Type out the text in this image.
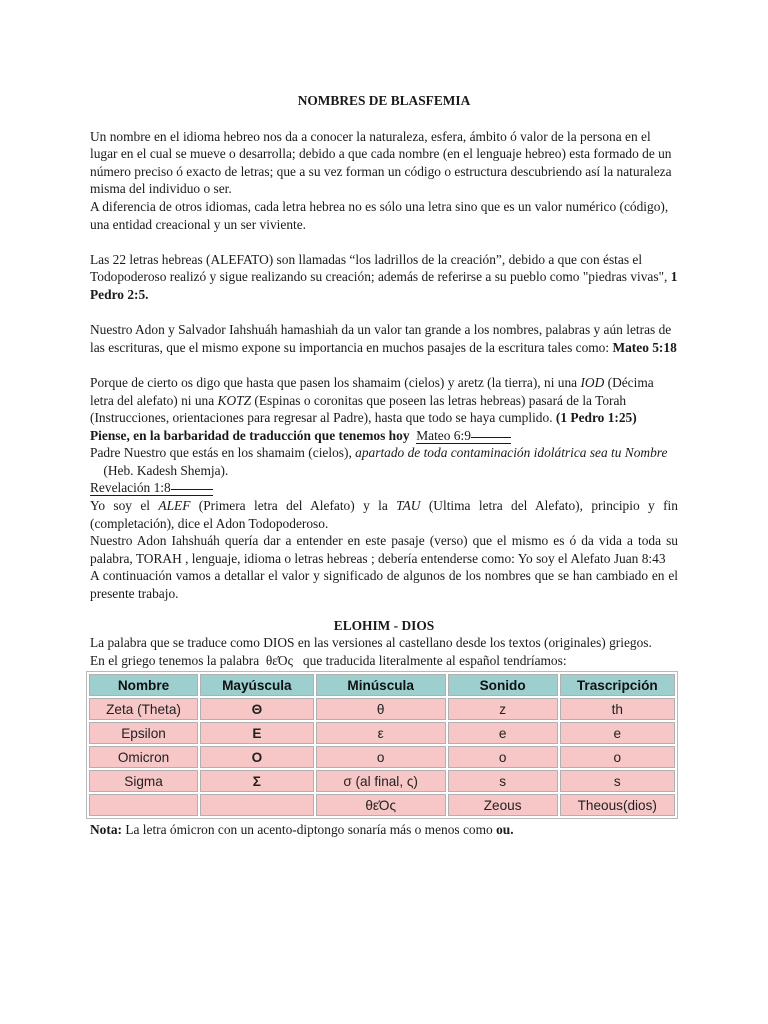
NOMBRES DE BLASFEMIA

Un nombre en el idioma hebreo nos da a conocer la naturaleza, esfera, ámbito ó valor de la persona en el lugar en el cual se mueve o desarrolla; debido a que cada nombre (en el lenguaje hebreo) esta formado de un número preciso ó exacto de letras; que a su vez forman un código o estructura descubriendo así la naturaleza misma del individuo o ser.

A diferencia de otros idiomas, cada letra hebrea no es sólo una letra sino que es un valor numérico (código), una entidad creacional y un ser viviente.

Las 22 letras hebreas (ALEFATO) son llamadas “los ladrillos de la creación”, debido a que con éstas el Todopoderoso realizó y sigue realizando su creación; además de referirse a su pueblo como "piedras vivas", 1 Pedro 2:5.

Nuestro Adon y Salvador Iahshuáh hamashiah da un valor tan grande a los nombres, palabras y aún letras de las escrituras, que el mismo expone su importancia en muchos pasajes de la escritura tales como: Mateo 5:18

Porque de cierto os digo que hasta que pasen los shamaim (cielos) y aretz (la tierra), ni una IOD (Décima letra del alefato) ni una KOTZ (Espinas o coronitas que poseen las letras hebreas) pasará de la Torah (Instrucciones, orientaciones para regresar al Padre), hasta que todo se haya cumplido. (1 Pedro 1:25)

Piense, en la barbaridad de traducción que tenemos hoy Mateo 6:9

Padre Nuestro que estás en los shamaim (cielos), apartado de toda contaminación idolátrica sea tu Nombre    (Heb. Kadesh Shemja).

Revelación 1:8

Yo soy el ALEF (Primera letra del Alefato) y la TAU (Ultima letra del Alefato), principio y fin (completación), dice el Adon Todopoderoso.

Nuestro Adon Iahshuáh quería dar a entender en este pasaje (verso) que el mismo es ó da vida a toda su palabra, TORAH , lenguaje, idioma o letras hebreas ; debería entenderse como: Yo soy el Alefato Juan 8:43

A continuación vamos a detallar el valor y significado de algunos de los nombres que se han cambiado en el presente trabajo.

ELOHIM - DIOS

La palabra que se traduce como DIOS en las versiones al castellano desde los textos (originales) griegos.

En el griego tenemos la palabra  θεΌς   que traducida literalmente al español tendríamos:

Nombre	Mayúscula	Minúscula	Sonido	Trascripción
Zeta (Theta)	Θ	θ	z	th
Epsilon	E	ε	e	e
Omicron	O	o	o	o
Sigma	Σ	σ (al final, ς)	s	s
		θεΌς	Zeous	Theous(dios)

Nota: La letra ómicron con un acento-diptongo sonaría más o menos como ou.
